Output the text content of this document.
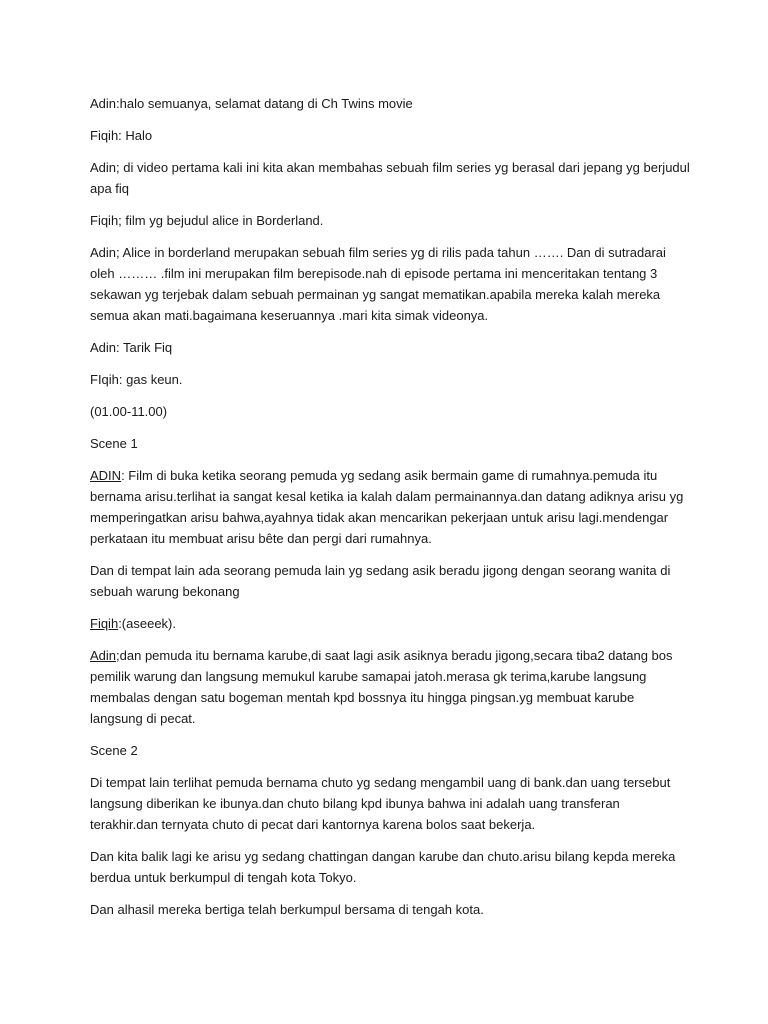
Adin:halo semuanya, selamat datang di Ch Twins movie

Fiqih: Halo

Adin; di video pertama kali ini kita akan membahas sebuah film series yg berasal dari jepang yg berjudul apa fiq

Fiqih; film yg bejudul alice in Borderland.

Adin; Alice in borderland merupakan sebuah film series yg di rilis pada tahun ……. Dan di sutradarai oleh ……… .film ini merupakan film berepisode.nah di episode pertama ini menceritakan tentang 3 sekawan yg terjebak dalam sebuah permainan yg sangat mematikan.apabila mereka kalah mereka semua akan mati.bagaimana keseruannya .mari kita simak videonya.

Adin: Tarik Fiq

FIqih: gas keun.

(01.00-11.00)

Scene 1

ADIN: Film di buka ketika seorang pemuda yg sedang asik bermain game di rumahnya.pemuda itu bernama arisu.terlihat ia sangat kesal ketika ia kalah dalam permainannya.dan datang adiknya arisu yg memperingatkan arisu bahwa,ayahnya tidak akan mencarikan pekerjaan untuk arisu lagi.mendengar perkataan itu membuat arisu bête dan pergi dari rumahnya.

Dan di tempat lain ada seorang pemuda lain yg sedang asik beradu jigong dengan seorang wanita di sebuah warung bekonang

Fiqih:(aseeek).

Adin;dan pemuda itu bernama karube,di saat lagi asik asiknya beradu jigong,secara tiba2 datang bos pemilik warung dan langsung memukul karube samapai jatoh.merasa gk terima,karube langsung membalas dengan satu bogeman mentah kpd bossnya itu hingga pingsan.yg membuat karube langsung di pecat.

Scene 2

Di tempat lain terlihat pemuda bernama chuto yg sedang mengambil uang di bank.dan uang tersebut langsung diberikan ke ibunya.dan chuto bilang kpd ibunya bahwa ini adalah uang transferan terakhir.dan ternyata chuto di pecat dari kantornya karena bolos saat bekerja.

Dan kita balik lagi ke arisu yg sedang chattingan dangan karube dan chuto.arisu bilang kepda mereka berdua untuk berkumpul di tengah kota Tokyo.

Dan alhasil mereka bertiga telah berkumpul bersama di tengah kota.
